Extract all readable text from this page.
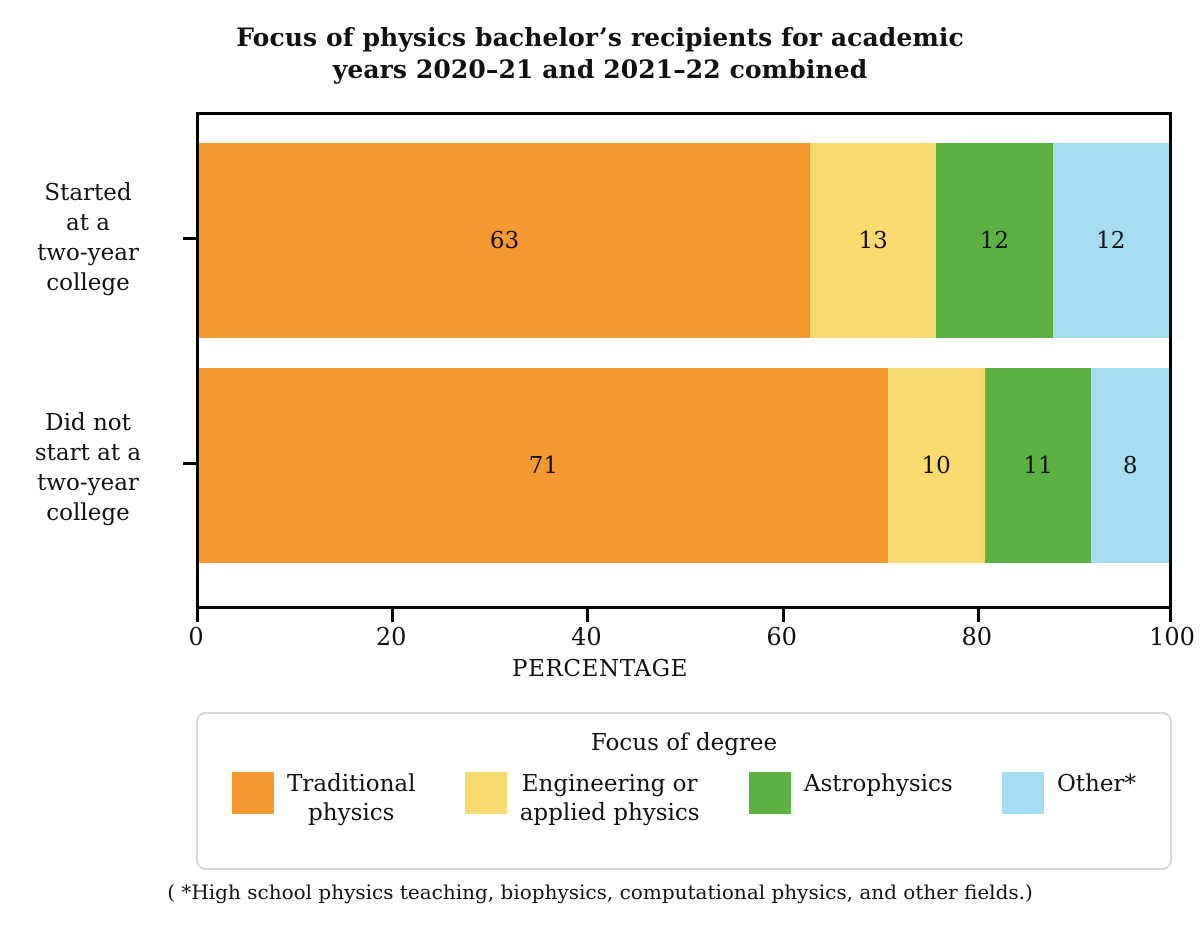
Focus of physics bachelor’s recipients for academic
years 2020–21 and 2021–22 combined
Started
at a
two-year
college
Did not
start at a
two-year
college
63	13	12	12
71	10	11	8
0	20	40	60	80	100
PERCENTAGE
Focus of degree
Traditional
physics
Engineering or
applied physics
Astrophysics	Other*
( *High school physics teaching, biophysics, computational physics, and other fields.)
